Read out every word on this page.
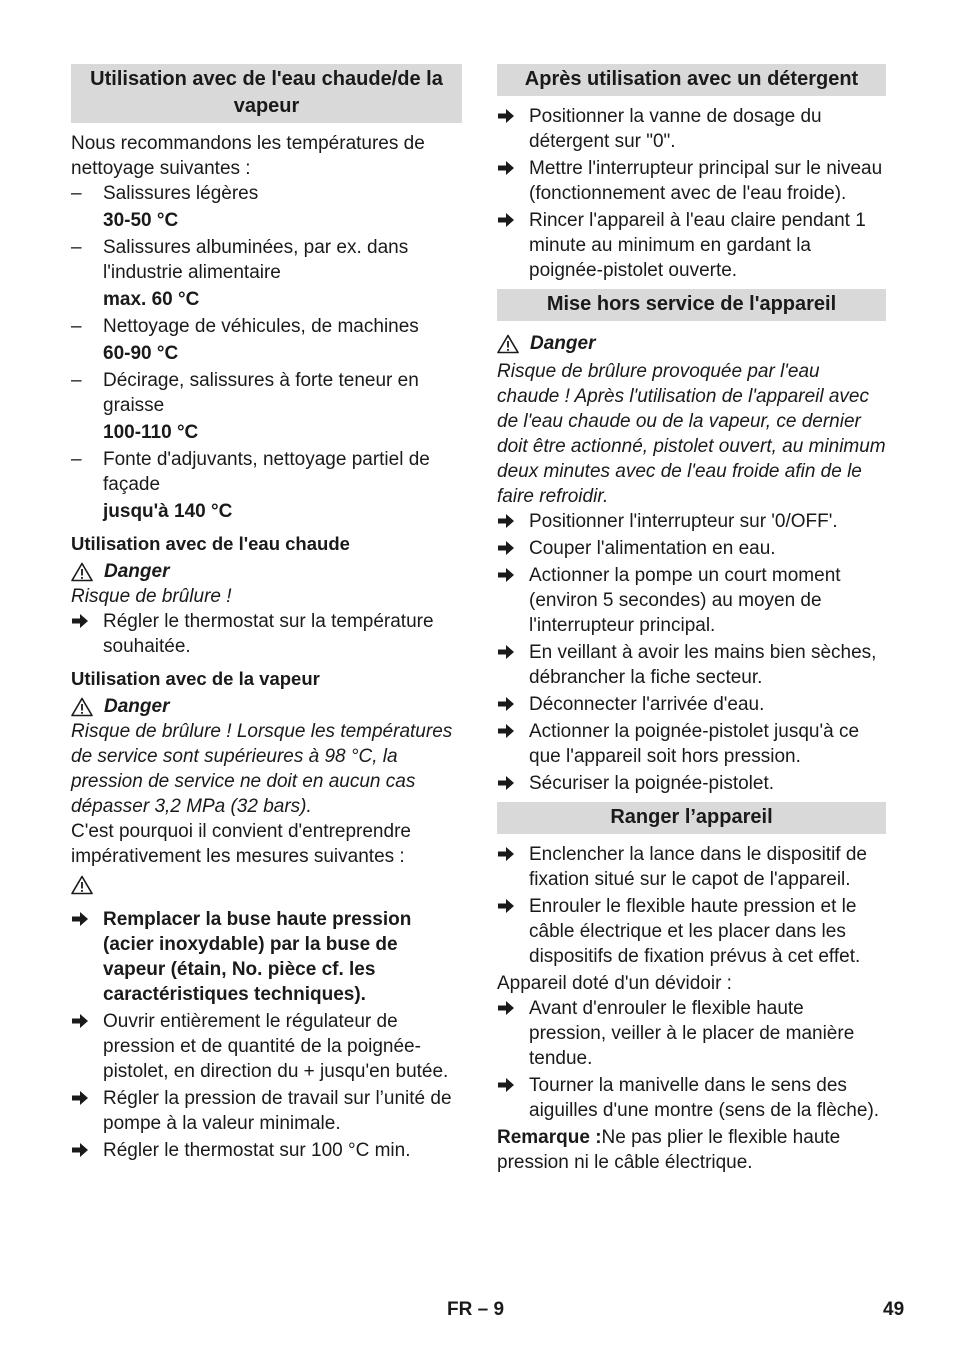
Utilisation avec de l'eau chaude/de la vapeur

Nous recommandons les températures de nettoyage suivantes :

– Salissures légères
30-50 °C
– Salissures albuminées, par ex. dans l'industrie alimentaire
max. 60 °C
– Nettoyage de véhicules, de machines
60-90 °C
– Décirage, salissures à forte teneur en graisse
100-110 °C
– Fonte d'adjuvants, nettoyage partiel de façade
jusqu'à 140 °C
Utilisation avec de l'eau chaude
Danger

Risque de brûlure !

Régler le thermostat sur la température souhaitée.
Utilisation avec de la vapeur
Danger

Risque de brûlure ! Lorsque les températures de service sont supérieures à 98 °C, la pression de service ne doit en aucun cas dépasser 3,2 MPa (32 bars).

C'est pourquoi il convient d'entreprendre impérativement les mesures suivantes :

Remplacer la buse haute pression (acier inoxydable) par la buse de vapeur (étain, No. pièce cf. les caractéristiques techniques).
Ouvrir entièrement le régulateur de pression et de quantité de la poignée-pistolet, en direction du + jusqu'en butée.
Régler la pression de travail sur l’unité de pompe à la valeur minimale.
Régler le thermostat sur 100 °C min.
Après utilisation avec un détergent
Positionner la vanne de dosage du détergent sur "0".
Mettre l'interrupteur principal sur le niveau (fonctionnement avec de l'eau froide).
Rincer l'appareil à l'eau claire pendant 1 minute au minimum en gardant la poignée-pistolet ouverte.
Mise hors service de l'appareil
Danger

Risque de brûlure provoquée par l'eau chaude ! Après l'utilisation de l'appareil avec de l'eau chaude ou de la vapeur, ce dernier doit être actionné, pistolet ouvert, au minimum deux minutes avec de l'eau froide afin de le faire refroidir.

Positionner l'interrupteur sur '0/OFF'.
Couper l'alimentation en eau.
Actionner la pompe un court moment (environ 5 secondes) au moyen de l'interrupteur principal.
En veillant à avoir les mains bien sèches, débrancher la fiche secteur.
Déconnecter l'arrivée d'eau.
Actionner la poignée-pistolet jusqu'à ce que l'appareil soit hors pression.
Sécuriser la poignée-pistolet.
Ranger l’appareil
Enclencher la lance dans le dispositif de fixation situé sur le capot de l'appareil.
Enrouler le flexible haute pression et le câble électrique et les placer dans les dispositifs de fixation prévus à cet effet.

Appareil doté d'un dévidoir :

Avant d'enrouler le flexible haute pression, veiller à le placer de manière tendue.
Tourner la manivelle dans le sens des aiguilles d'une montre (sens de la flèche).

Remarque :Ne pas plier le flexible haute pression ni le câble électrique.

FR – 9	49
